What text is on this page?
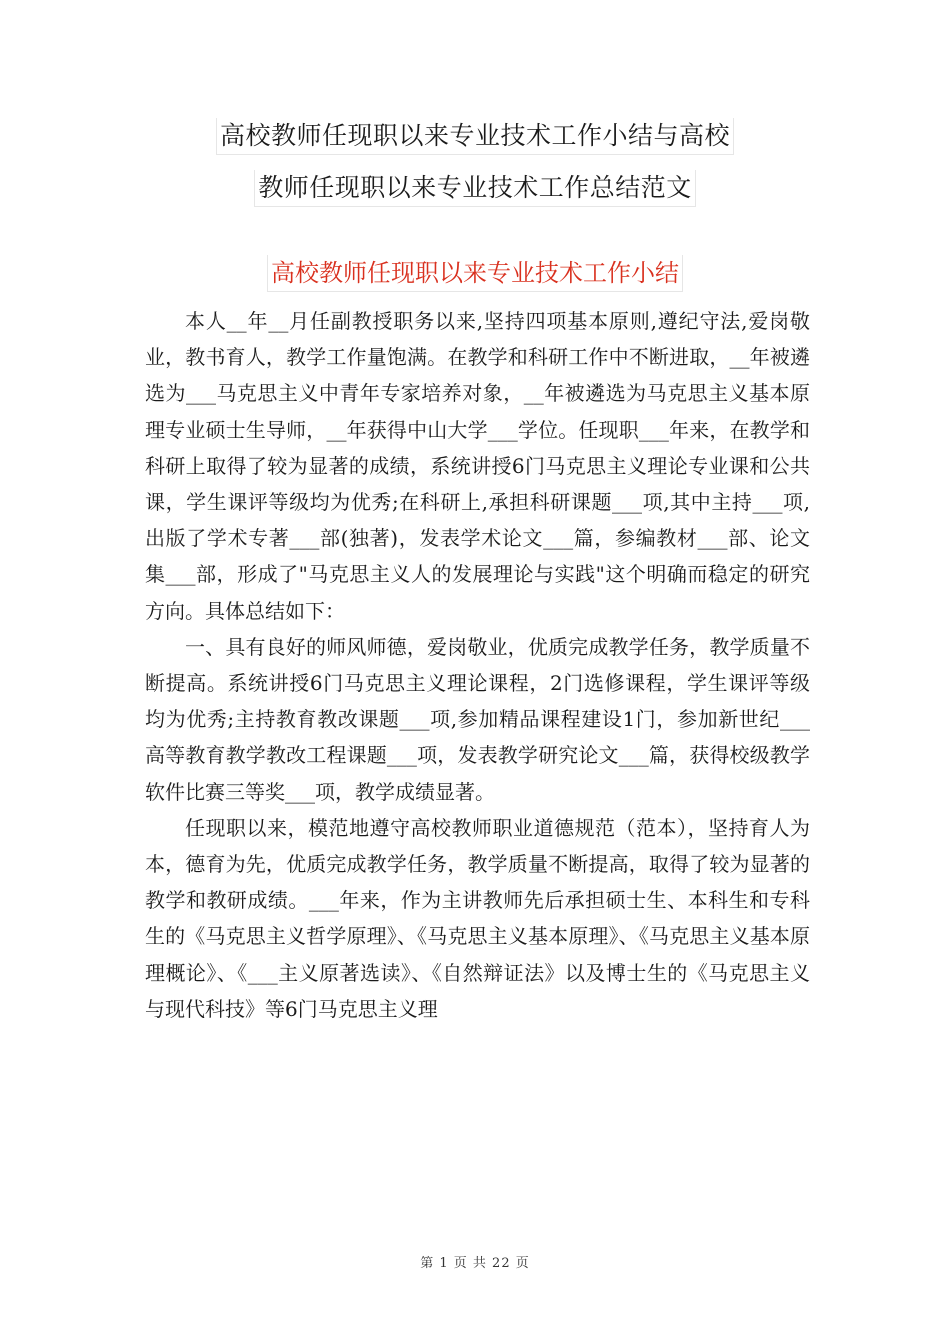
高校教师任现职以来专业技术工作小结与高校
教师任现职以来专业技术工作总结范文
高校教师任现职以来专业技术工作小结

本人__年__月任副教授职务以来,坚持四项基本原则,遵纪守法,爱岗敬业，教书育人，教学工作量饱满。在教学和科研工作中不断进取，__年被遴选为___马克思主义中青年专家培养对象，__年被遴选为马克思主义基本原理专业硕士生导师，__年获得中山大学___学位。任现职___年来，在教学和科研上取得了较为显著的成绩，系统讲授6门马克思主义理论专业课和公共课，学生课评等级均为优秀;在科研上,承担科研课题___项,其中主持___项,出版了学术专著___部(独著)，发表学术论文___篇，参编教材___部、论文集___部，形成了"马克思主义人的发展理论与实践"这个明确而稳定的研究方向。具体总结如下：

一、具有良好的师风师德，爱岗敬业，优质完成教学任务，教学质量不断提高。系统讲授6门马克思主义理论课程，2门选修课程，学生课评等级均为优秀;主持教育教改课题___项,参加精品课程建设1门，参加新世纪___高等教育教学教改工程课题___项，发表教学研究论文___篇，获得校级教学软件比赛三等奖___项，教学成绩显著。

任现职以来，模范地遵守高校教师职业道德规范（范本），坚持育人为本，德育为先，优质完成教学任务，教学质量不断提高，取得了较为显著的教学和教研成绩。___年来，作为主讲教师先后承担硕士生、本科生和专科生的《马克思主义哲学原理》、《马克思主义基本原理》、《马克思主义基本原理概论》、《___主义原著选读》、《自然辩证法》以及博士生的《马克思主义与现代科技》等6门马克思主义理

第 1 页 共 22 页
